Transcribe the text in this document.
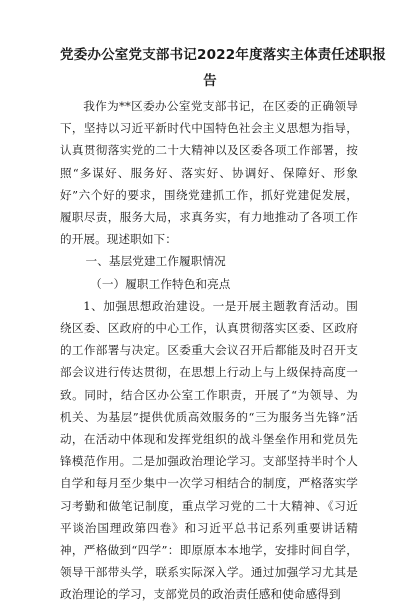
党委办公室党支部书记2022年度落实主体责任述职报
告

我作为**区委办公室党支部书记，在区委的正确领导下，坚持以习近平新时代中国特色社会主义思想为指导，认真贯彻落实党的二十大精神以及区委各项工作部署，按照“多谋好、服务好、落实好、协调好、保障好、形象好”六个好的要求，围绕党建抓工作，抓好党建促发展，履职尽责，服务大局，求真务实，有力地推动了各项工作的开展。现述职如下：

一、基层党建工作履职情况

（一）履职工作特色和亮点

1、加强思想政治建设。一是开展主题教育活动。围绕区委、区政府的中心工作，认真贯彻落实区委、区政府的工作部署与决定。区委重大会议召开后都能及时召开支部会议进行传达贯彻，在思想上行动上与上级保持高度一致。同时，结合区办公室工作职责，开展了“为领导、为机关、为基层”提供优质高效服务的“三为服务当先锋”活动，在活动中体现和发挥党组织的战斗堡垒作用和党员先锋模范作用。二是加强政治理论学习。支部坚持半时个人自学和每月至少集中一次学习相结合的制度，严格落实学习考勤和做笔记制度，重点学习党的二十大精神、《习近平谈治国理政第四卷》和习近平总书记系列重要讲话精神，严格做到“四学”：即原原本本地学，安排时间自学，领导干部带头学，联系实际深入学。通过加强学习尤其是政治理论的学习，支部党员的政治责任感和使命感得到
